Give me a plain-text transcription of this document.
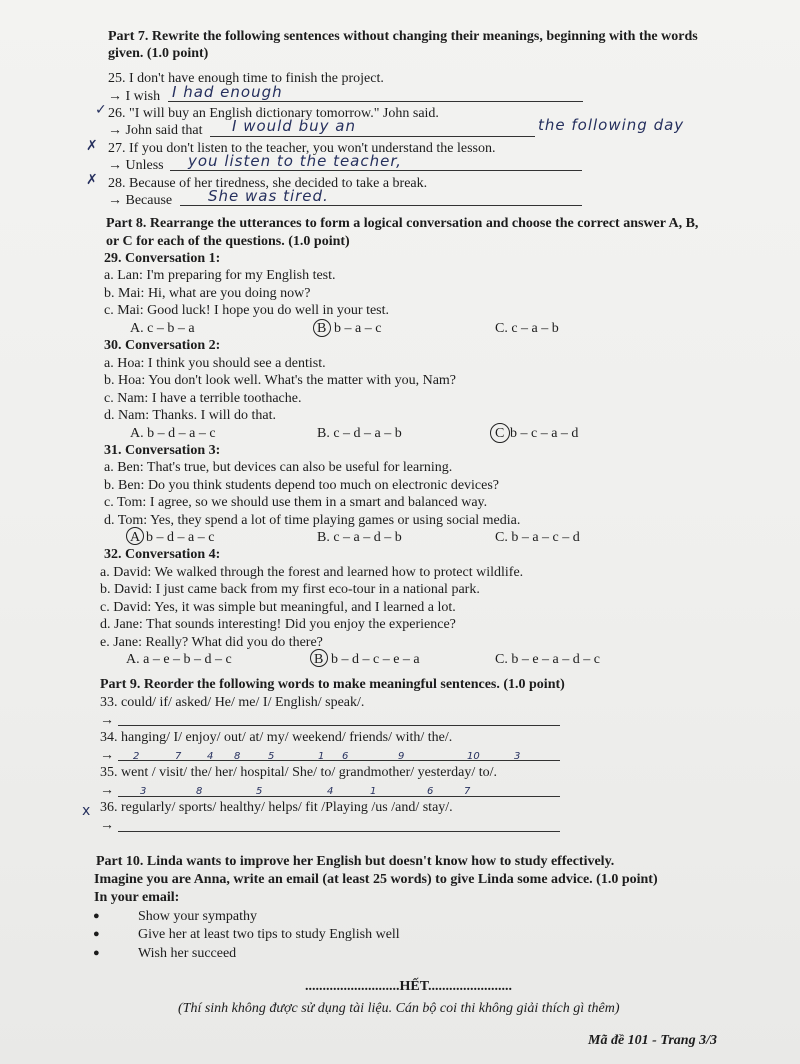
Part 7. Rewrite the following sentences without changing their meanings, beginning with the words
given. (1.0 point)
25. I don't have enough time to finish the project.
→ I wish I had enough
✓ 26. "I will buy an English dictionary tomorrow." John said.
→ John said that I would buy an	the following day
✗ 27. If you don't listen to the teacher, you won't understand the lesson.
→ Unless you listen to the teacher,
✗ 28. Because of her tiredness, she decided to take a break.
→ Because She was tired.
Part 8. Rearrange the utterances to form a logical conversation and choose the correct answer A, B,
or C for each of the questions. (1.0 point)
29. Conversation 1:
a. Lan: I'm preparing for my English test.
b. Mai: Hi, what are you doing now?
c. Mai: Good luck! I hope you do well in your test.
A. c – b – a	B b – a – c	C. c – a – b
30. Conversation 2:
a. Hoa: I think you should see a dentist.
b. Hoa: You don't look well. What's the matter with you, Nam?
c. Nam: I have a terrible toothache.
d. Nam: Thanks. I will do that.
A. b – d – a – c	B. c – d – a – b	C b – c – a – d
31. Conversation 3:
a. Ben: That's true, but devices can also be useful for learning.
b. Ben: Do you think students depend too much on electronic devices?
c. Tom: I agree, so we should use them in a smart and balanced way.
d. Tom: Yes, they spend a lot of time playing games or using social media.
A b – d – a – c	B. c – a – d – b	C. b – a – c – d
32. Conversation 4:
a. David: We walked through the forest and learned how to protect wildlife.
b. David: I just came back from my first eco-tour in a national park.
c. David: Yes, it was simple but meaningful, and I learned a lot.
d. Jane: That sounds interesting! Did you enjoy the experience?
e. Jane: Really? What did you do there?
A. a – e – b – d – c	B b – d – c – e – a	C. b – e – a – d – c
Part 9. Reorder the following words to make meaningful sentences. (1.0 point)
33. could/ if/ asked/ He/ me/ I/ English/ speak/.
→
34. hanging/ I/ enjoy/ out/ at/ my/ weekend/ friends/ with/ the/.
→ 2	7	4 8	5	1 6	9	10	3
35. went / visit/ the/ her/ hospital/ She/ to/ grandmother/ yesterday/ to/.
→	3	8	5	4	1	6	7
x 36. regularly/ sports/ healthy/ helps/ fit /Playing /us /and/ stay/.
→
Part 10. Linda wants to improve her English but doesn't know how to study effectively.
Imagine you are Anna, write an email (at least 25 words) to give Linda some advice. (1.0 point)
In your email:
●	Show your sympathy
●	Give her at least two tips to study English well
●	Wish her succeed
...........................HẾT........................
(Thí sinh không được sử dụng tài liệu. Cán bộ coi thi không giải thích gì thêm)
Mã đề 101 - Trang 3/3
